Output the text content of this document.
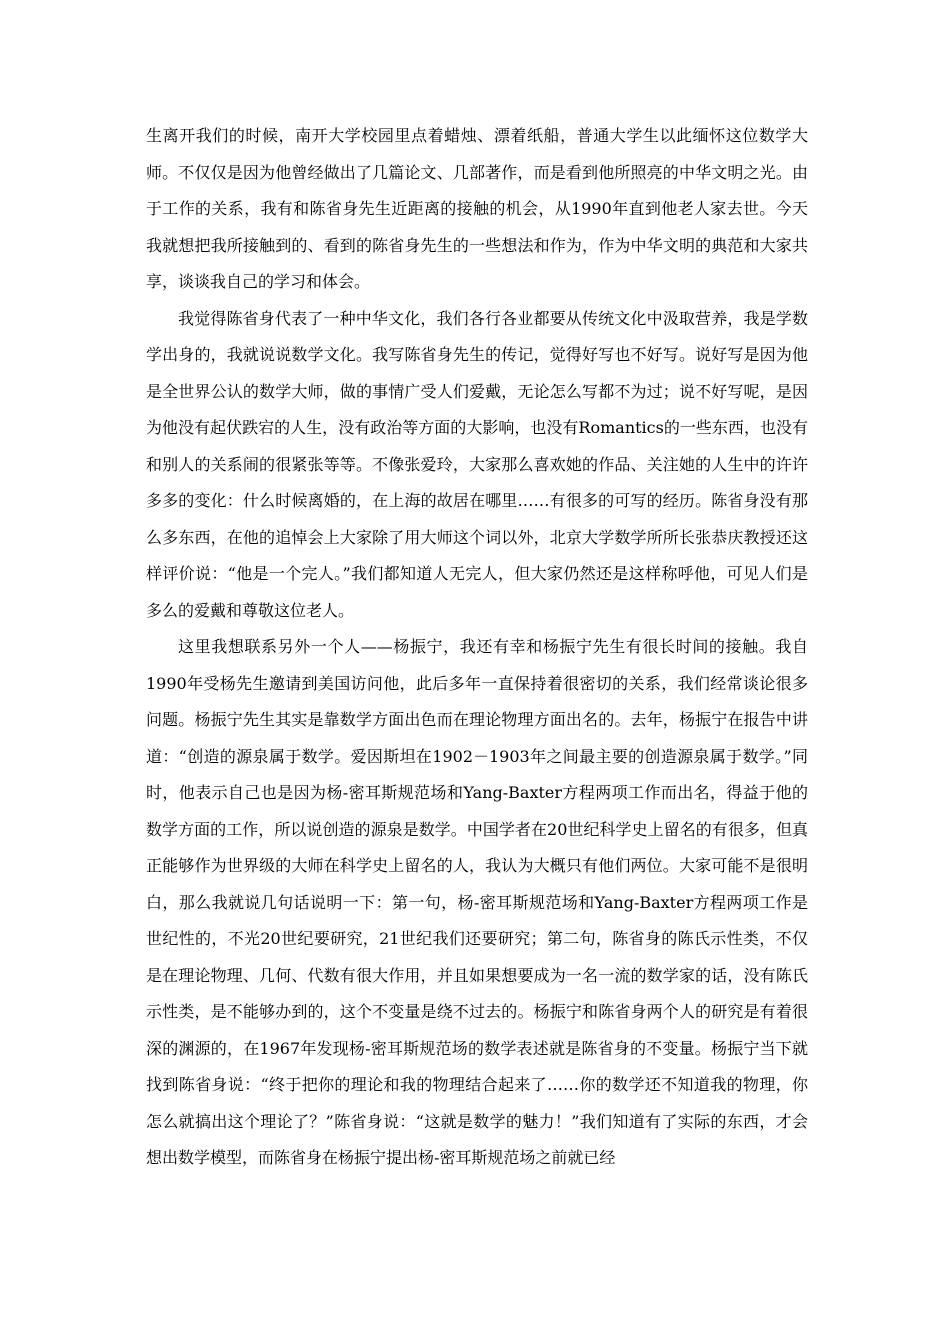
生离开我们的时候，南开大学校园里点着蜡烛、漂着纸船，普通大学生以此缅怀这位数学大师。不仅仅是因为他曾经做出了几篇论文、几部著作，而是看到他所照亮的中华文明之光。由于工作的关系，我有和陈省身先生近距离的接触的机会，从1990年直到他老人家去世。今天我就想把我所接触到的、看到的陈省身先生的一些想法和作为，作为中华文明的典范和大家共享，谈谈我自己的学习和体会。

我觉得陈省身代表了一种中华文化，我们各行各业都要从传统文化中汲取营养，我是学数学出身的，我就说说数学文化。我写陈省身先生的传记，觉得好写也不好写。说好写是因为他是全世界公认的数学大师，做的事情广受人们爱戴，无论怎么写都不为过；说不好写呢，是因为他没有起伏跌宕的人生，没有政治等方面的大影响，也没有Romantics的一些东西，也没有和别人的关系闹的很紧张等等。不像张爱玲，大家那么喜欢她的作品、关注她的人生中的许许多多的变化：什么时候离婚的，在上海的故居在哪里……有很多的可写的经历。陈省身没有那么多东西，在他的追悼会上大家除了用大师这个词以外，北京大学数学所所长张恭庆教授还这样评价说：“他是一个完人。”我们都知道人无完人，但大家仍然还是这样称呼他，可见人们是多么的爱戴和尊敬这位老人。

这里我想联系另外一个人——杨振宁，我还有幸和杨振宁先生有很长时间的接触。我自1990年受杨先生邀请到美国访问他，此后多年一直保持着很密切的关系，我们经常谈论很多问题。杨振宁先生其实是靠数学方面出色而在理论物理方面出名的。去年，杨振宁在报告中讲道：“创造的源泉属于数学。爱因斯坦在1902－1903年之间最主要的创造源泉属于数学。”同时，他表示自己也是因为杨-密耳斯规范场和Yang-Baxter方程两项工作而出名，得益于他的数学方面的工作，所以说创造的源泉是数学。中国学者在20世纪科学史上留名的有很多，但真正能够作为世界级的大师在科学史上留名的人，我认为大概只有他们两位。大家可能不是很明白，那么我就说几句话说明一下：第一句，杨-密耳斯规范场和Yang-Baxter方程两项工作是世纪性的，不光20世纪要研究，21世纪我们还要研究；第二句，陈省身的陈氏示性类，不仅是在理论物理、几何、代数有很大作用，并且如果想要成为一名一流的数学家的话，没有陈氏示性类，是不能够办到的，这个不变量是绕不过去的。杨振宁和陈省身两个人的研究是有着很深的渊源的，在1967年发现杨-密耳斯规范场的数学表述就是陈省身的不变量。杨振宁当下就找到陈省身说：“终于把你的理论和我的物理结合起来了……你的数学还不知道我的物理，你怎么就搞出这个理论了？”陈省身说：“这就是数学的魅力！”我们知道有了实际的东西，才会想出数学模型，而陈省身在杨振宁提出杨-密耳斯规范场之前就已经
